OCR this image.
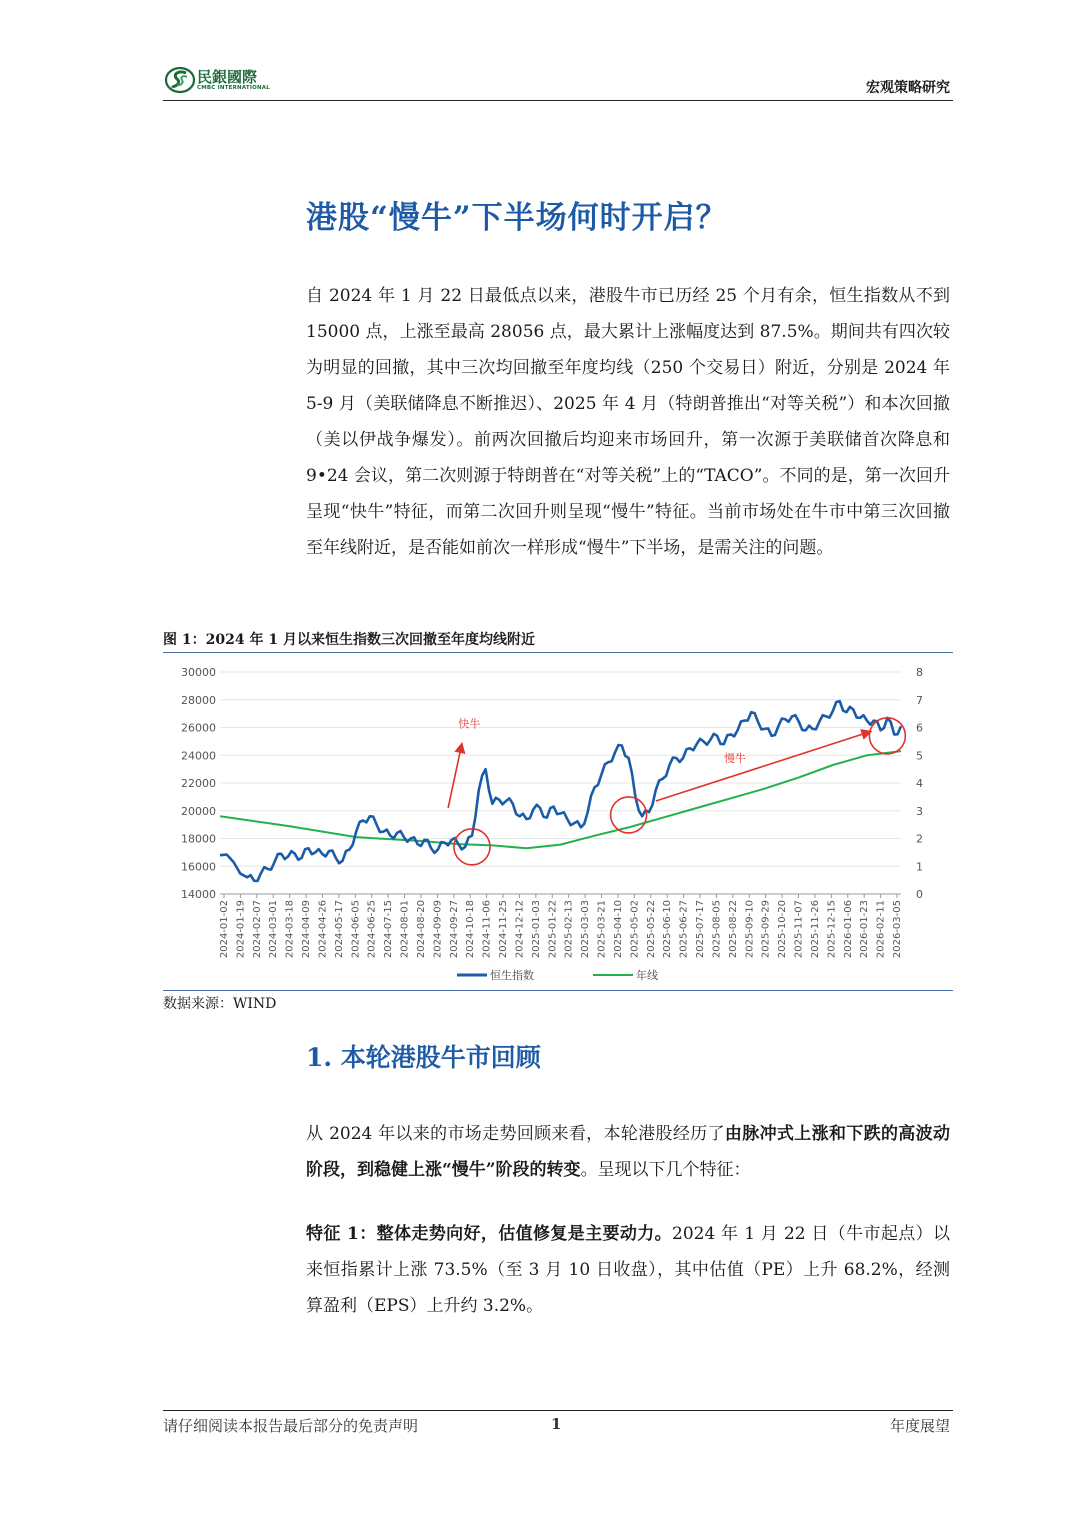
民銀國際
CMBC INTERNATIONAL	宏观策略研究
港股“慢牛”下半场何时开启？
自 2024 年 1 月 22 日最低点以来，港股牛市已历经 25 个月有余，恒生指数从不到 15000 点，上涨至最高 28056 点，最大累计上涨幅度达到 87.5%。期间共有四次较为明显的回撤，其中三次均回撤至年度均线（250 个交易日）附近，分别是 2024 年 5-9 月（美联储降息不断推迟）、2025 年 4 月（特朗普推出“对等关税”）和本次回撤（美以伊战争爆发）。前两次回撤后均迎来市场回升，第一次源于美联储首次降息和 9•24 会议，第二次则源于特朗普在“对等关税”上的“TACO”。不同的是，第一次回升呈现“快牛”特征，而第二次回升则呈现“慢牛”特征。当前市场处在牛市中第三次回撤至年线附近，是否能如前次一样形成“慢牛”下半场，是需关注的问题。
图 1：2024 年 1 月以来恒生指数三次回撤至年度均线附近
30000
28000
26000
24000
22000
20000
18000
16000
14000
8
7
6
5
4
3
2
1
0
2024-01-02 2024-01-19 2024-02-07 2024-03-01 2024-03-18 2024-04-09 2024-04-26 2024-05-17 2024-06-05 2024-06-25 2024-07-15 2024-08-01 2024-08-20 2024-09-09 2024-09-27 2024-10-18 2024-11-06 2024-11-25 2024-12-12 2025-01-03 2025-01-22 2025-02-13 2025-03-03 2025-03-21 2025-04-10 2025-05-02 2025-05-22 2025-06-10 2025-06-27 2025-07-17 2025-08-05 2025-08-22 2025-09-10 2025-09-29 2025-10-20 2025-11-07 2025-11-26 2025-12-15 2026-01-06 2026-01-23 2026-02-11 2026-03-05
快牛
慢牛
恒生指数	年线
数据来源：WIND
1. 本轮港股牛市回顾
从 2024 年以来的市场走势回顾来看，本轮港股经历了由脉冲式上涨和下跌的高波动阶段，到稳健上涨“慢牛”阶段的转变。呈现以下几个特征：
特征 1：整体走势向好，估值修复是主要动力。2024 年 1 月 22 日（牛市起点）以来恒指累计上涨 73.5%（至 3 月 10 日收盘），其中估值（PE）上升 68.2%，经测算盈利（EPS）上升约 3.2%。
请仔细阅读本报告最后部分的免责声明	1	年度展望
